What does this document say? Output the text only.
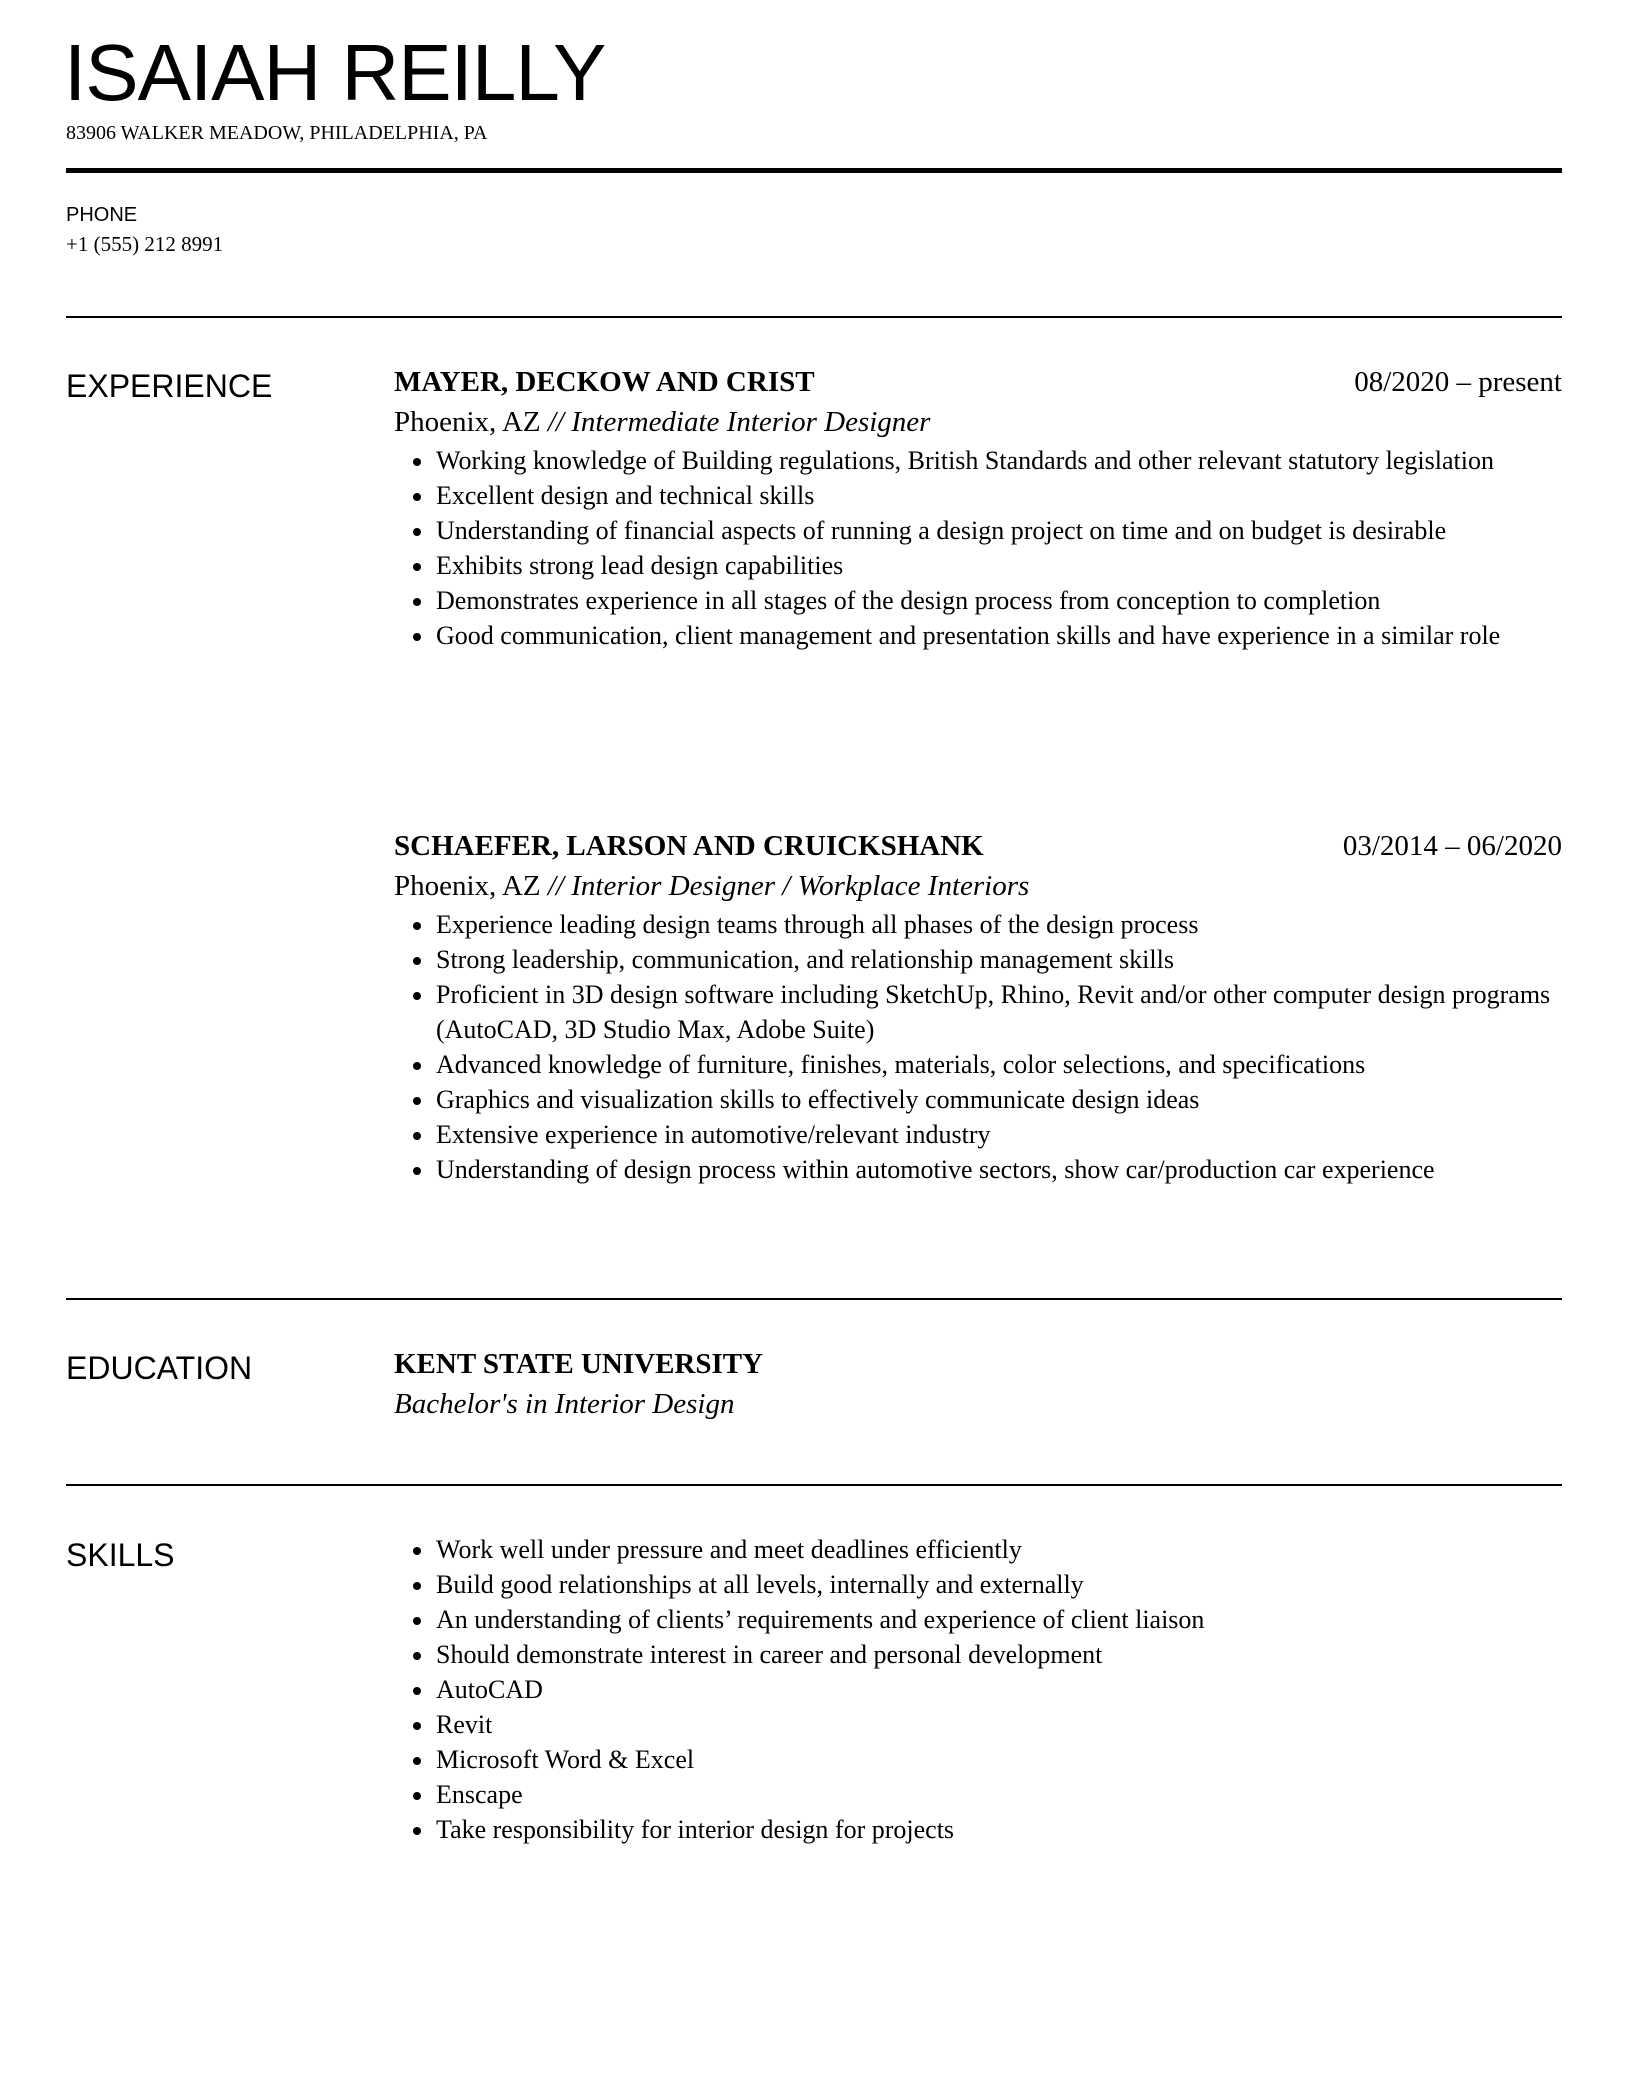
ISAIAH REILLY
83906 WALKER MEADOW, PHILADELPHIA, PA
PHONE
+1 (555) 212 8991
EXPERIENCE	MAYER, DECKOW AND CRIST	08/2020 – present
Phoenix, AZ // Intermediate Interior Designer
Working knowledge of Building regulations, British Standards and other relevant statutory legislation
Excellent design and technical skills
Understanding of financial aspects of running a design project on time and on budget is desirable
Exhibits strong lead design capabilities
Demonstrates experience in all stages of the design process from conception to completion
Good communication, client management and presentation skills and have experience in a similar role
SCHAEFER, LARSON AND CRUICKSHANK	03/2014 – 06/2020
Phoenix, AZ // Interior Designer / Workplace Interiors
Experience leading design teams through all phases of the design process
Strong leadership, communication, and relationship management skills
Proficient in 3D design software including SketchUp, Rhino, Revit and/or other computer design programs (AutoCAD, 3D Studio Max, Adobe Suite)
Advanced knowledge of furniture, finishes, materials, color selections, and specifications
Graphics and visualization skills to effectively communicate design ideas
Extensive experience in automotive/relevant industry
Understanding of design process within automotive sectors, show car/production car experience
EDUCATION	KENT STATE UNIVERSITY
Bachelor's in Interior Design
SKILLS	Work well under pressure and meet deadlines efficiently
Build good relationships at all levels, internally and externally
An understanding of clients’ requirements and experience of client liaison
Should demonstrate interest in career and personal development
AutoCAD
Revit
Microsoft Word & Excel
Enscape
Take responsibility for interior design for projects
